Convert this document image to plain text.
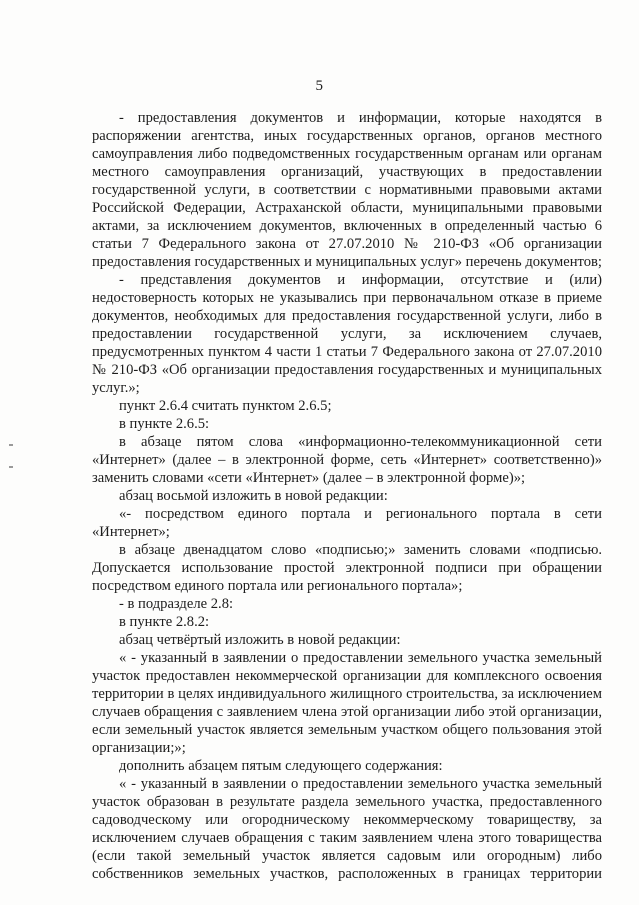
5

- предоставления документов и информации, которые находятся в

распоряжении агентства, иных государственных органов, органов местного

самоуправления либо подведомственных государственным органам или органам

местного самоуправления организаций, участвующих в предоставлении

государственной услуги, в соответствии с нормативными правовыми актами

Российской Федерации, Астраханской области, муниципальными правовыми

актами, за исключением документов, включенных в определенный частью 6

статьи 7 Федерального закона от 27.07.2010 № 210-ФЗ «Об организации

предоставления государственных и муниципальных услуг» перечень документов;

- представления документов и информации, отсутствие и (или)

недостоверность которых не указывались при первоначальном отказе в приеме

документов, необходимых для предоставления государственной услуги, либо в

предоставлении государственной услуги, за исключением случаев,

предусмотренных пунктом 4 части 1 статьи 7 Федерального закона от 27.07.2010

№ 210-ФЗ «Об организации предоставления государственных и муниципальных

услуг.»;

пункт 2.6.4 считать пунктом 2.6.5;

в пункте 2.6.5:

в абзаце пятом слова «информационно-телекоммуникационной сети

«Интернет» (далее – в электронной форме, сеть «Интернет» соответственно)»

заменить словами «сети «Интернет» (далее – в электронной форме)»;

абзац восьмой изложить в новой редакции:

«- посредством единого портала и регионального портала в сети

«Интернет»;

в абзаце двенадцатом слово «подписью;» заменить словами «подписью.

Допускается использование простой электронной подписи при обращении

посредством единого портала или регионального портала»;

- в подразделе 2.8:

в пункте 2.8.2:

абзац четвёртый изложить в новой редакции:

« - указанный в заявлении о предоставлении земельного участка земельный

участок предоставлен некоммерческой организации для комплексного освоения

территории в целях индивидуального жилищного строительства, за исключением

случаев обращения с заявлением члена этой организации либо этой организации,

если земельный участок является земельным участком общего пользования этой

организации;»;

дополнить абзацем пятым следующего содержания:

« - указанный в заявлении о предоставлении земельного участка земельный

участок образован в результате раздела земельного участка, предоставленного

садоводческому или огородническому некоммерческому товариществу, за

исключением случаев обращения с таким заявлением члена этого товарищества

(если такой земельный участок является садовым или огородным) либо

собственников земельных участков, расположенных в границах территории
